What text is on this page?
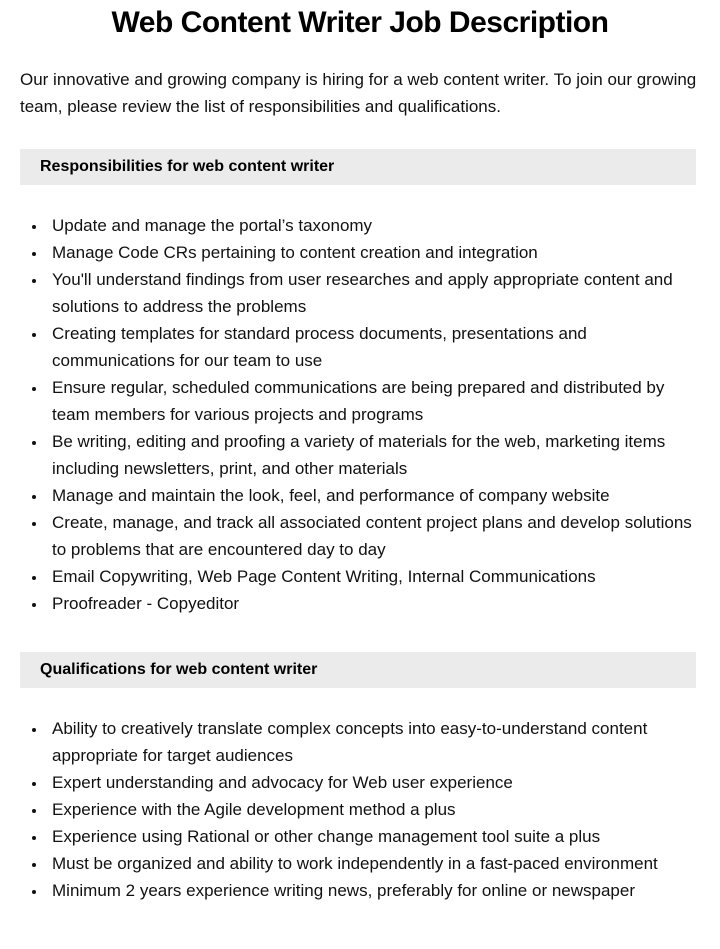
Web Content Writer Job Description

Our innovative and growing company is hiring for a web content writer. To join our growing team, please review the list of responsibilities and qualifications.

Responsibilities for web content writer
• Update and manage the portal’s taxonomy
• Manage Code CRs pertaining to content creation and integration
• You'll understand findings from user researches and apply appropriate content and solutions to address the problems
• Creating templates for standard process documents, presentations and communications for our team to use
• Ensure regular, scheduled communications are being prepared and distributed by team members for various projects and programs
• Be writing, editing and proofing a variety of materials for the web, marketing items including newsletters, print, and other materials
• Manage and maintain the look, feel, and performance of company website
• Create, manage, and track all associated content project plans and develop solutions to problems that are encountered day to day
• Email Copywriting, Web Page Content Writing, Internal Communications
• Proofreader - Copyeditor
Qualifications for web content writer
• Ability to creatively translate complex concepts into easy-to-understand content appropriate for target audiences
• Expert understanding and advocacy for Web user experience
• Experience with the Agile development method a plus
• Experience using Rational or other change management tool suite a plus
• Must be organized and ability to work independently in a fast-paced environment
• Minimum 2 years experience writing news, preferably for online or newspaper
